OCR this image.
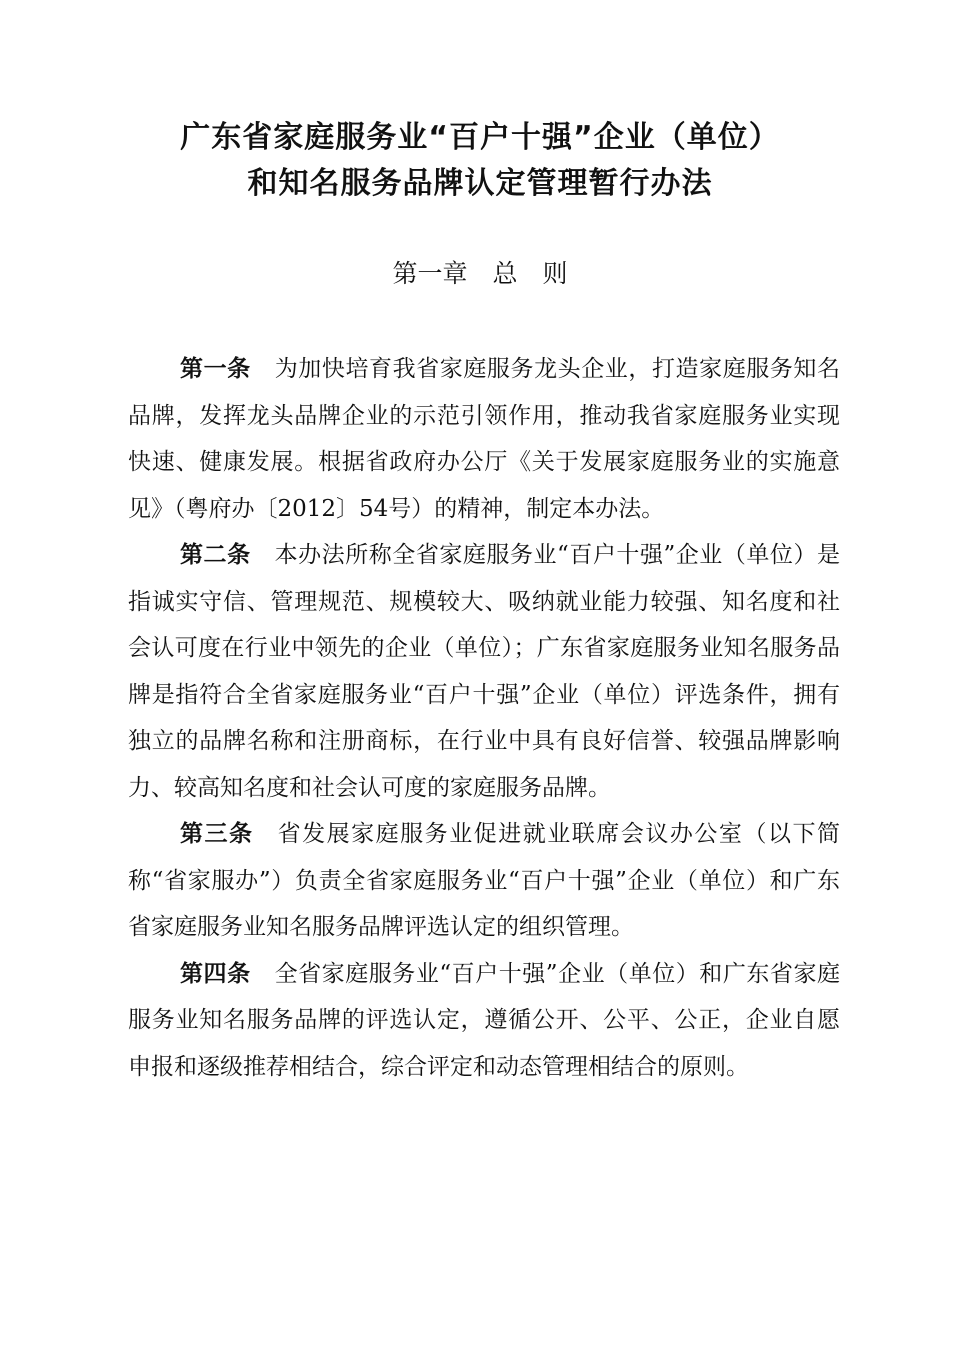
广东省家庭服务业“百户十强”企业（单位）
和知名服务品牌认定管理暂行办法
第一章　总　则

第一条 为加快培育我省家庭服务龙头企业，打造家庭服务知名品牌，发挥龙头品牌企业的示范引领作用，推动我省家庭服务业实现快速、健康发展。根据省政府办公厅《关于发展家庭服务业的实施意见》（粤府办〔2012〕54号）的精神，制定本办法。

第二条 本办法所称全省家庭服务业“百户十强”企业（单位）是指诚实守信、管理规范、规模较大、吸纳就业能力较强、知名度和社会认可度在行业中领先的企业（单位）；广东省家庭服务业知名服务品牌是指符合全省家庭服务业“百户十强”企业（单位）评选条件，拥有独立的品牌名称和注册商标，在行业中具有良好信誉、较强品牌影响力、较高知名度和社会认可度的家庭服务品牌。

第三条 省发展家庭服务业促进就业联席会议办公室（以下简称“省家服办”）负责全省家庭服务业“百户十强”企业（单位）和广东省家庭服务业知名服务品牌评选认定的组织管理。

第四条 全省家庭服务业“百户十强”企业（单位）和广东省家庭服务业知名服务品牌的评选认定，遵循公开、公平、公正，企业自愿申报和逐级推荐相结合，综合评定和动态管理相结合的原则。
